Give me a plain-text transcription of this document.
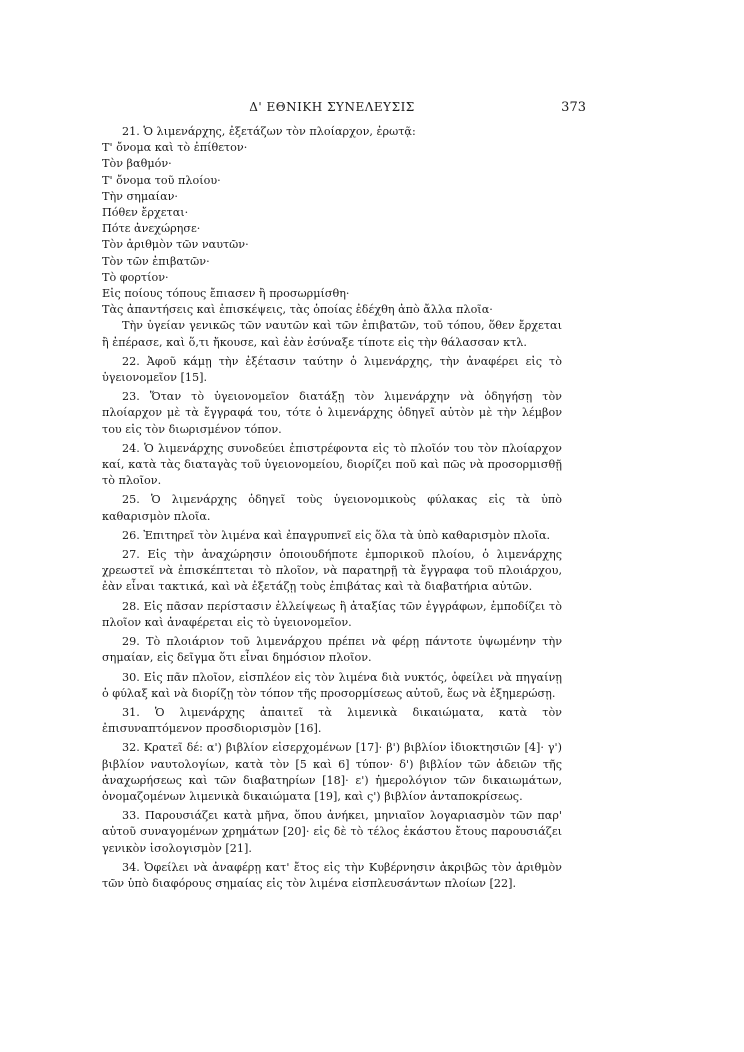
Δ' ΕΘΝΙΚΗ ΣΥΝΕΛΕΥΣΙΣ	373

21. Ὁ λιμενάρχης, ἐξετάζων τὸν πλοίαρχον, ἐρωτᾷ:

Τ' ὄνομα καὶ τὸ ἐπίθετον·
Τὸν βαθμόν·
Τ' ὄνομα τοῦ πλοίου·
Τὴν σημαίαν·
Πόθεν ἔρχεται·
Πότε ἀνεχώρησε·
Τὸν ἀριθμὸν τῶν ναυτῶν·
Τὸν τῶν ἐπιβατῶν·
Τὸ φορτίον·
Εἰς ποίους τόπους ἔπιασεν ἢ προσωρμίσθη·
Τὰς ἀπαντήσεις καὶ ἐπισκέψεις, τὰς ὁποίας ἐδέχθη ἀπὸ ἄλλα πλοῖα·

Τὴν ὑγείαν γενικῶς τῶν ναυτῶν καὶ τῶν ἐπιβατῶν, τοῦ τόπου, ὅθεν ἔρχεται ἢ ἐπέρασε, καὶ ὅ,τι ἤκουσε, καὶ ἐὰν ἐσύναξε τίποτε εἰς τὴν θάλασσαν κτλ.

22. Ἀφοῦ κάμῃ τὴν ἐξέτασιν ταύτην ὁ λιμενάρχης, τὴν ἀναφέρει εἰς τὸ ὑγειονομεῖον [15].

23. Ὅταν τὸ ὑγειονομεῖον διατάξῃ τὸν λιμενάρχην νὰ ὁδηγήσῃ τὸν πλοίαρχον μὲ τὰ ἔγγραφά του, τότε ὁ λιμενάρχης ὁδηγεῖ αὐτὸν μὲ τὴν λέμβον του εἰς τὸν διωρισμένον τόπον.

24. Ὁ λιμενάρχης συνοδεύει ἐπιστρέφοντα εἰς τὸ πλοῖόν του τὸν πλοίαρχον καί, κατὰ τὰς διαταγὰς τοῦ ὑγειονομείου, διορίζει ποῦ καὶ πῶς νὰ προσορμισθῇ τὸ πλοῖον.

25. Ὁ λιμενάρχης ὁδηγεῖ τοὺς ὑγειονομικοὺς φύλακας εἰς τὰ ὑπὸ καθαρισμὸν πλοῖα.

26. Ἐπιτηρεῖ τὸν λιμένα καὶ ἐπαγρυπνεῖ εἰς ὅλα τὰ ὑπὸ καθαρισμὸν πλοῖα.

27. Εἰς τὴν ἀναχώρησιν ὁποιουδήποτε ἐμπορικοῦ πλοίου, ὁ λιμενάρχης χρεωστεῖ νὰ ἐπισκέπτεται τὸ πλοῖον, νὰ παρατηρῇ τὰ ἔγγραφα τοῦ πλοιάρχου, ἐὰν εἶναι τακτικά, καὶ νὰ ἐξετάζῃ τοὺς ἐπιβάτας καὶ τὰ διαβατήρια αὐτῶν.

28. Εἰς πᾶσαν περίστασιν ἐλλείψεως ἢ ἀταξίας τῶν ἐγγράφων, ἐμποδίζει τὸ πλοῖον καὶ ἀναφέρεται εἰς τὸ ὑγειονομεῖον.

29. Τὸ πλοιάριον τοῦ λιμενάρχου πρέπει νὰ φέρῃ πάντοτε ὑψωμένην τὴν σημαίαν, εἰς δεῖγμα ὅτι εἶναι δημόσιον πλοῖον.

30. Εἰς πᾶν πλοῖον, εἰσπλέον εἰς τὸν λιμένα διὰ νυκτός, ὀφείλει νὰ πηγαίνῃ ὁ φύλαξ καὶ νὰ διορίζῃ τὸν τόπον τῆς προσορμίσεως αὐτοῦ, ἕως νὰ ἐξημερώσῃ.

31. Ὁ λιμενάρχης ἀπαιτεῖ τὰ λιμενικὰ δικαιώματα, κατὰ τὸν ἐπισυναπτόμενον προσδιορισμὸν [16].

32. Κρατεῖ δέ: α') βιβλίον εἰσερχομένων [17]· β') βιβλίον ἰδιοκτησιῶν [4]· γ') βιβλίον ναυτολογίων, κατὰ τὸν [5 καὶ 6] τύπον· δ') βιβλίον τῶν ἀδειῶν τῆς ἀναχωρήσεως καὶ τῶν διαβατηρίων [18]· ε') ἡμερολόγιον τῶν δικαιωμάτων, ὀνομαζομένων λιμενικὰ δικαιώματα [19], καὶ ς') βιβλίον ἀνταποκρίσεως.

33. Παρουσιάζει κατὰ μῆνα, ὅπου ἀνήκει, μηνιαῖον λογαριασμὸν τῶν παρ' αὐτοῦ συναγομένων χρημάτων [20]· εἰς δὲ τὸ τέλος ἑκάστου ἔτους παρουσιάζει γενικὸν ἰσολογισμὸν [21].

34. Ὀφείλει νὰ ἀναφέρῃ κατ' ἔτος εἰς τὴν Κυβέρνησιν ἀκριβῶς τὸν ἀριθμὸν τῶν ὑπὸ διαφόρους σημαίας εἰς τὸν λιμένα εἰσπλευσάντων πλοίων [22].
